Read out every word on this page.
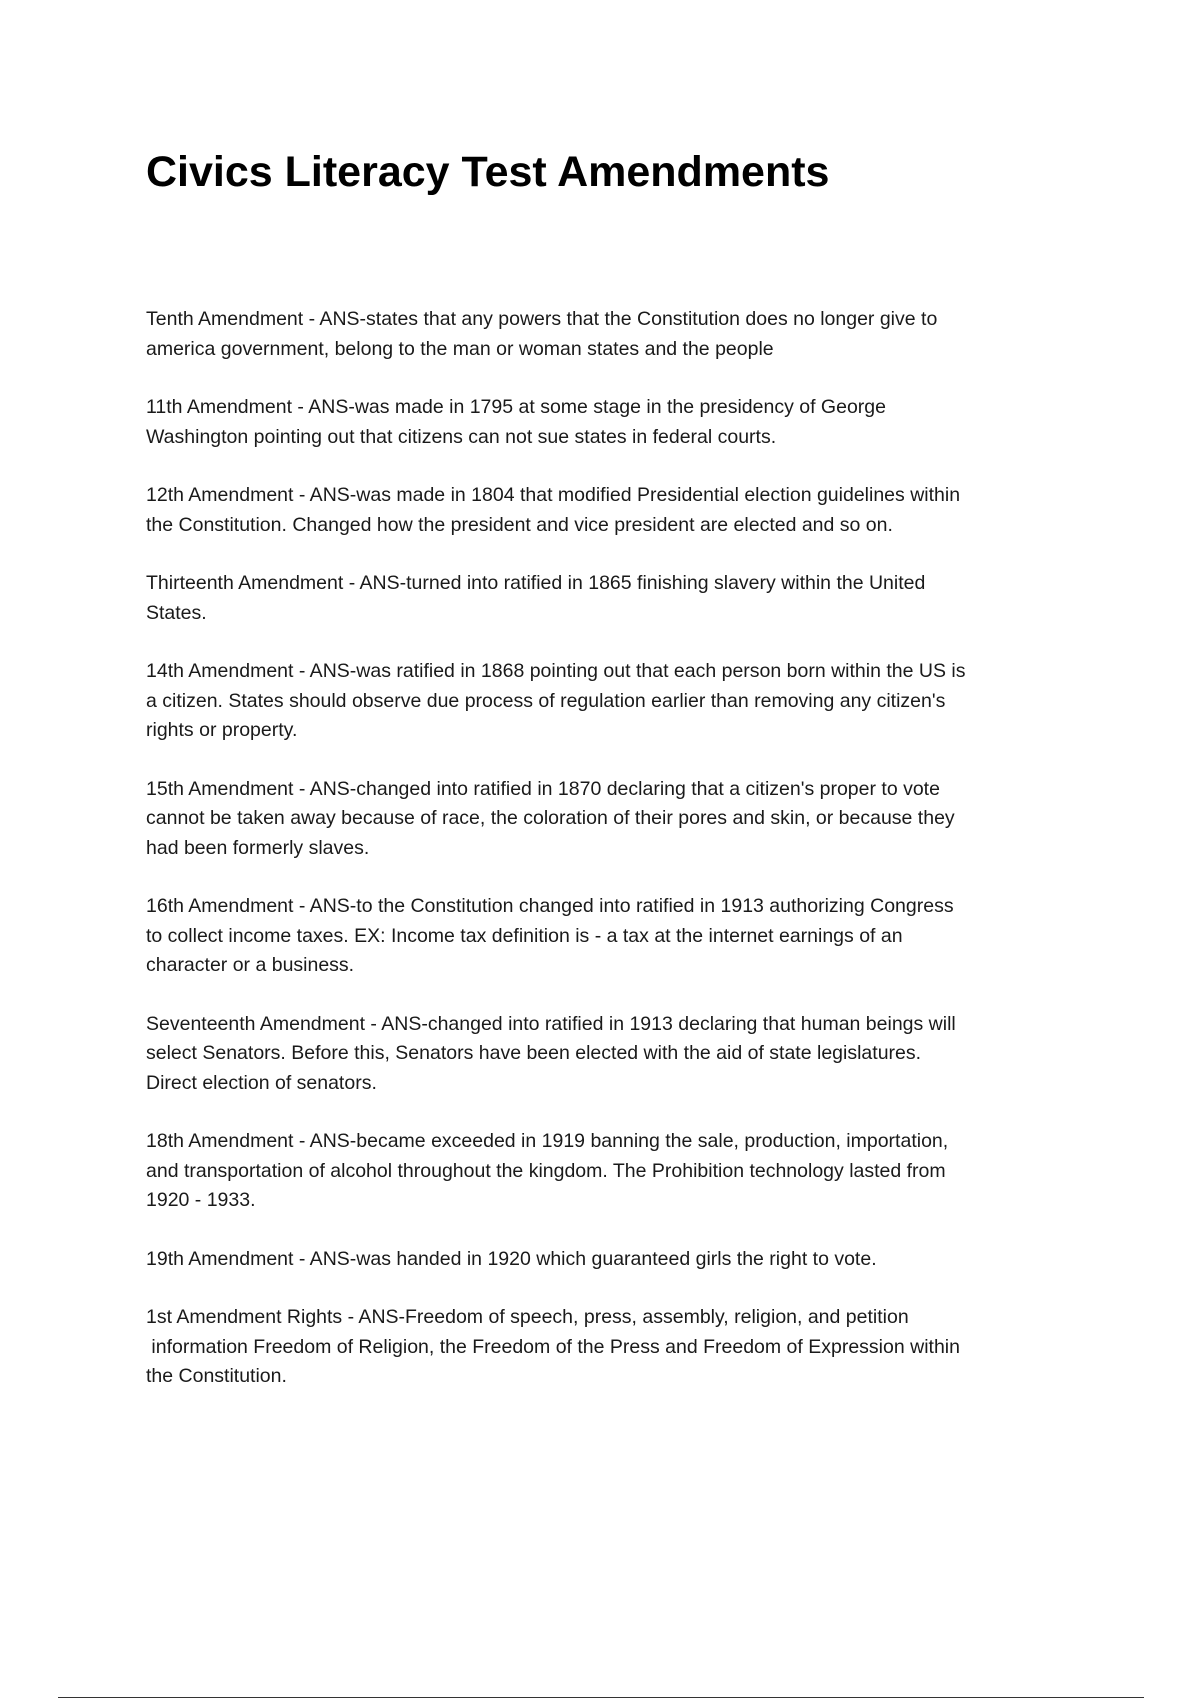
Civics Literacy Test Amendments
Tenth Amendment - ANS-states that any powers that the Constitution does no longer give to
america government, belong to the man or woman states and the people
11th Amendment - ANS-was made in 1795 at some stage in the presidency of George
Washington pointing out that citizens can not sue states in federal courts.
12th Amendment - ANS-was made in 1804 that modified Presidential election guidelines within
the Constitution. Changed how the president and vice president are elected and so on.
Thirteenth Amendment - ANS-turned into ratified in 1865 finishing slavery within the United
States.
14th Amendment - ANS-was ratified in 1868 pointing out that each person born within the US is
a citizen. States should observe due process of regulation earlier than removing any citizen's
rights or property.
15th Amendment - ANS-changed into ratified in 1870 declaring that a citizen's proper to vote
cannot be taken away because of race, the coloration of their pores and skin, or because they
had been formerly slaves.
16th Amendment - ANS-to the Constitution changed into ratified in 1913 authorizing Congress
to collect income taxes. EX: Income tax definition is - a tax at the internet earnings of an
character or a business.
Seventeenth Amendment - ANS-changed into ratified in 1913 declaring that human beings will
select Senators. Before this, Senators have been elected with the aid of state legislatures.
Direct election of senators.
18th Amendment - ANS-became exceeded in 1919 banning the sale, production, importation,
and transportation of alcohol throughout the kingdom. The Prohibition technology lasted from
1920 - 1933.
19th Amendment - ANS-was handed in 1920 which guaranteed girls the right to vote.
1st Amendment Rights - ANS-Freedom of speech, press, assembly, religion, and petition
information Freedom of Religion, the Freedom of the Press and Freedom of Expression within
the Constitution.
